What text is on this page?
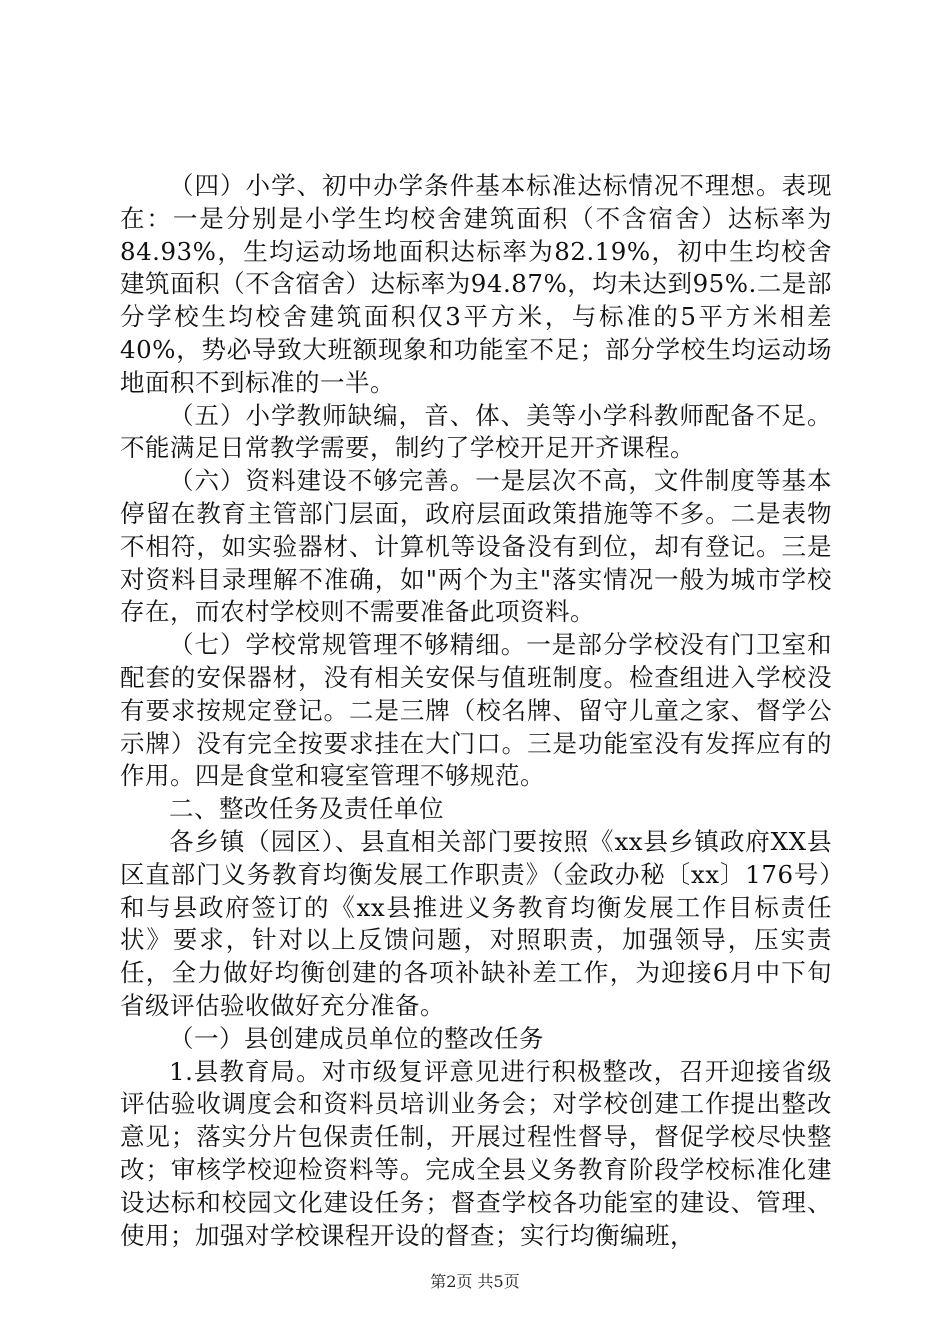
（四）小学、初中办学条件基本标准达标情况不理想。表现在：一是分别是小学生均校舍建筑面积（不含宿舍）达标率为84.93%，生均运动场地面积达标率为82.19%，初中生均校舍建筑面积（不含宿舍）达标率为94.87%，均未达到95%.二是部分学校生均校舍建筑面积仅3平方米，与标准的5平方米相差40%，势必导致大班额现象和功能室不足；部分学校生均运动场地面积不到标准的一半。

（五）小学教师缺编，音、体、美等小学科教师配备不足。不能满足日常教学需要，制约了学校开足开齐课程。

（六）资料建设不够完善。一是层次不高，文件制度等基本停留在教育主管部门层面，政府层面政策措施等不多。二是表物不相符，如实验器材、计算机等设备没有到位，却有登记。三是对资料目录理解不准确，如"两个为主"落实情况一般为城市学校存在，而农村学校则不需要准备此项资料。

（七）学校常规管理不够精细。一是部分学校没有门卫室和配套的安保器材，没有相关安保与值班制度。检查组进入学校没有要求按规定登记。二是三牌（校名牌、留守儿童之家、督学公示牌）没有完全按要求挂在大门口。三是功能室没有发挥应有的作用。四是食堂和寝室管理不够规范。

二、整改任务及责任单位

各乡镇（园区）、县直相关部门要按照《xx县乡镇政府XX县区直部门义务教育均衡发展工作职责》（金政办秘〔xx〕176号）和与县政府签订的《xx县推进义务教育均衡发展工作目标责任状》要求，针对以上反馈问题，对照职责，加强领导，压实责任，全力做好均衡创建的各项补缺补差工作，为迎接6月中下旬省级评估验收做好充分准备。

（一）县创建成员单位的整改任务

1.县教育局。对市级复评意见进行积极整改，召开迎接省级评估验收调度会和资料员培训业务会；对学校创建工作提出整改意见；落实分片包保责任制，开展过程性督导，督促学校尽快整改；审核学校迎检资料等。完成全县义务教育阶段学校标准化建设达标和校园文化建设任务；督查学校各功能室的建设、管理、使用；加强对学校课程开设的督查；实行均衡编班，

第2页 共5页
